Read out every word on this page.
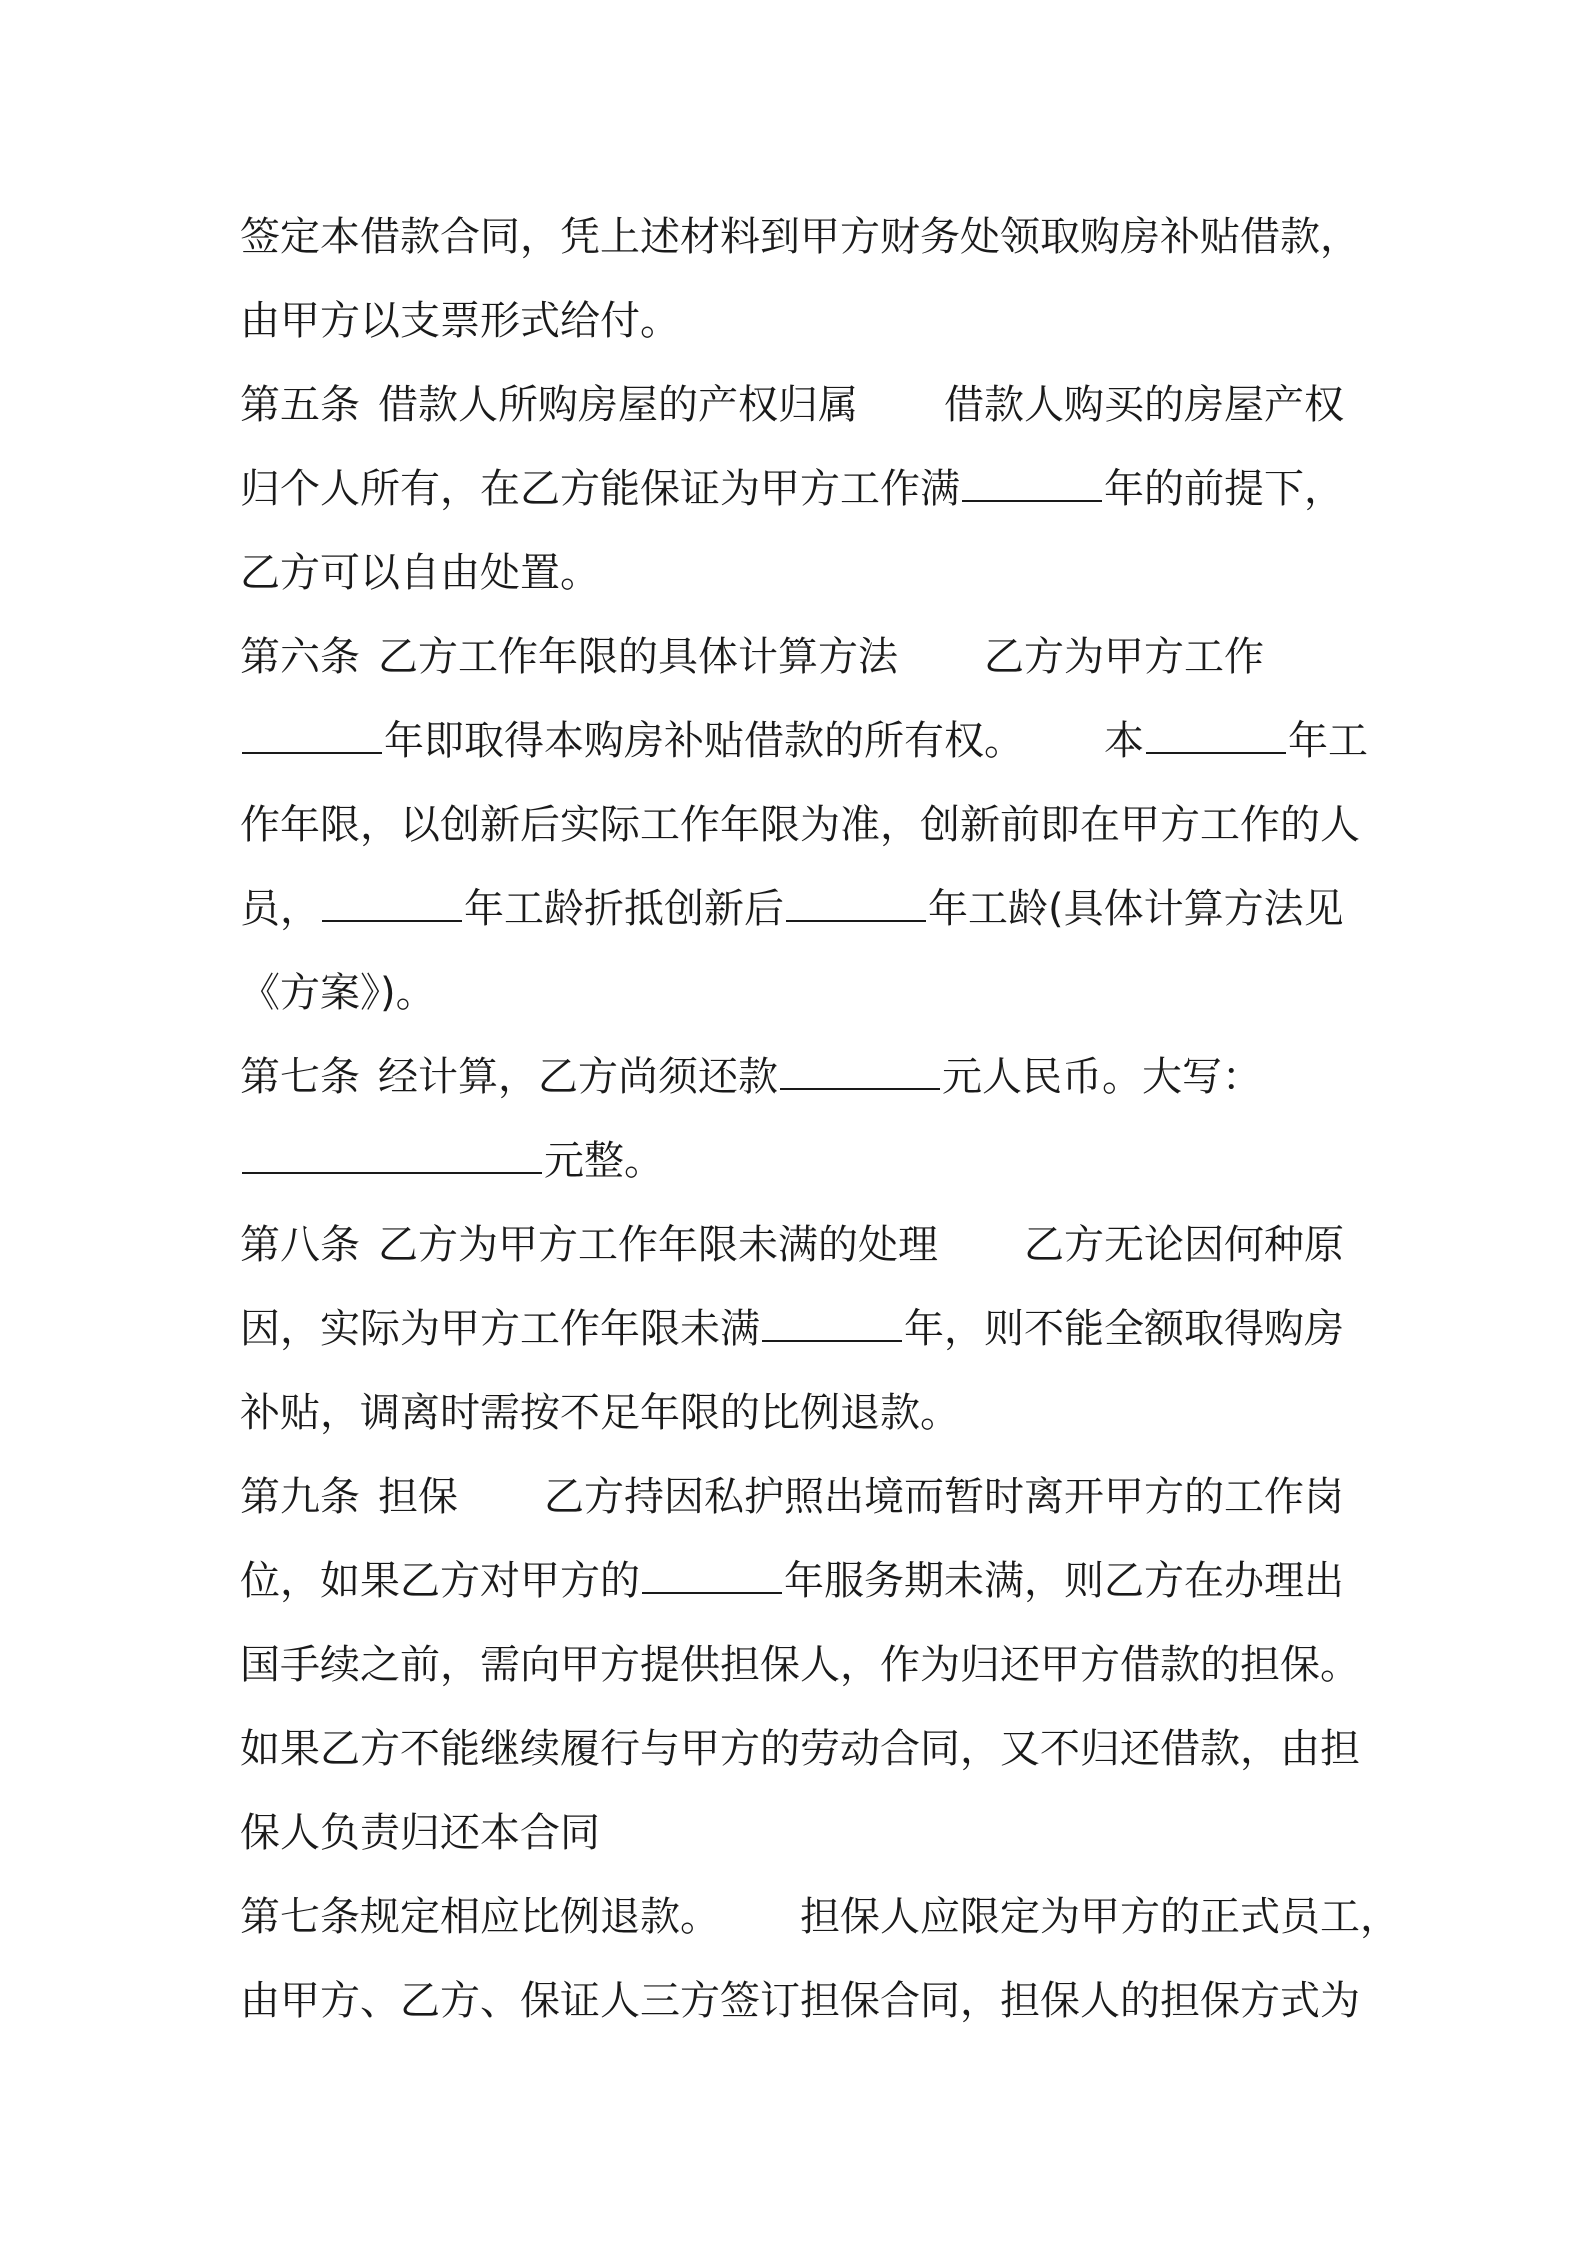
签定本借款合同，凭上述材料到甲方财务处领取购房补贴借款，
由甲方以支票形式给付。
第五条 借款人所购房屋的产权归属 借款人购买的房屋产权
归个人所有，在乙方能保证为甲方工作满	年的前提下，
乙方可以自由处置。
第六条 乙方工作年限的具体计算方法 乙方为甲方工作
年即取得本购房补贴借款的所有权。 本	年工
作年限，以创新后实际工作年限为准，创新前即在甲方工作的人
员，	年工龄折抵创新后	年工龄(具体计算方法见
《方案》)。
第七条 经计算，乙方尚须还款	元人民币。大写：
元整。
第八条 乙方为甲方工作年限未满的处理 乙方无论因何种原
因，实际为甲方工作年限未满	年，则不能全额取得购房
补贴，调离时需按不足年限的比例退款。
第九条 担保 乙方持因私护照出境而暂时离开甲方的工作岗
位，如果乙方对甲方的	年服务期未满，则乙方在办理出
国手续之前，需向甲方提供担保人，作为归还甲方借款的担保。
如果乙方不能继续履行与甲方的劳动合同，又不归还借款，由担
保人负责归还本合同
第七条规定相应比例退款。 担保人应限定为甲方的正式员工，
由甲方、乙方、保证人三方签订担保合同，担保人的担保方式为
